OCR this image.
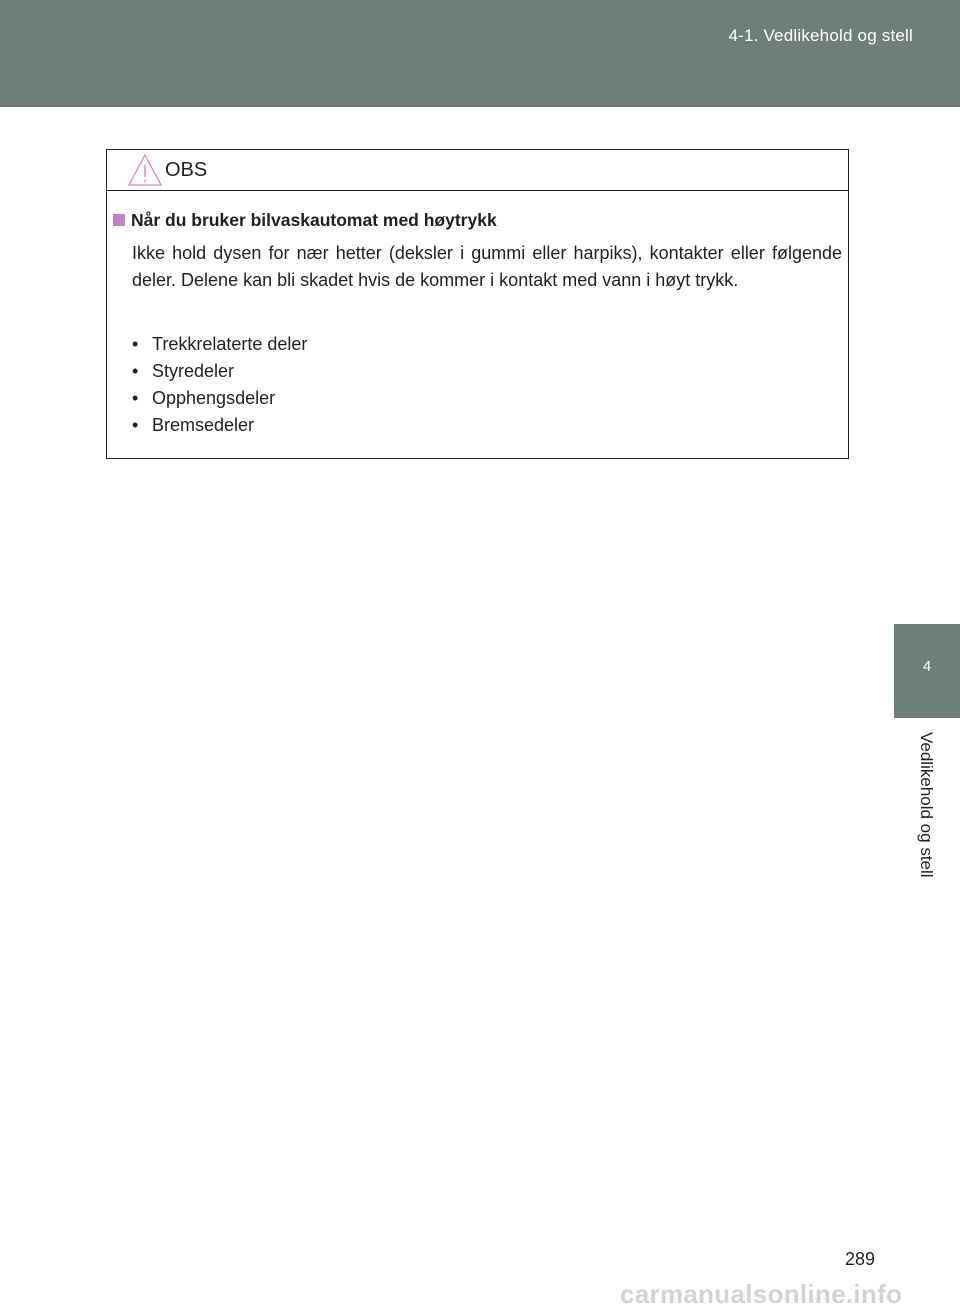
4-1. Vedlikehold og stell
4
Vedlikehold og stell
OBS
Når du bruker bilvaskautomat med høytrykk

Ikke hold dysen for nær hetter (deksler i gummi eller harpiks), kontakter eller følgende deler. Delene kan bli skadet hvis de kommer i kontakt med vann i høyt trykk.

• Trekkrelaterte deler
• Styredeler
• Opphengsdeler
• Bremsedeler
289
carmanualsonline.info
